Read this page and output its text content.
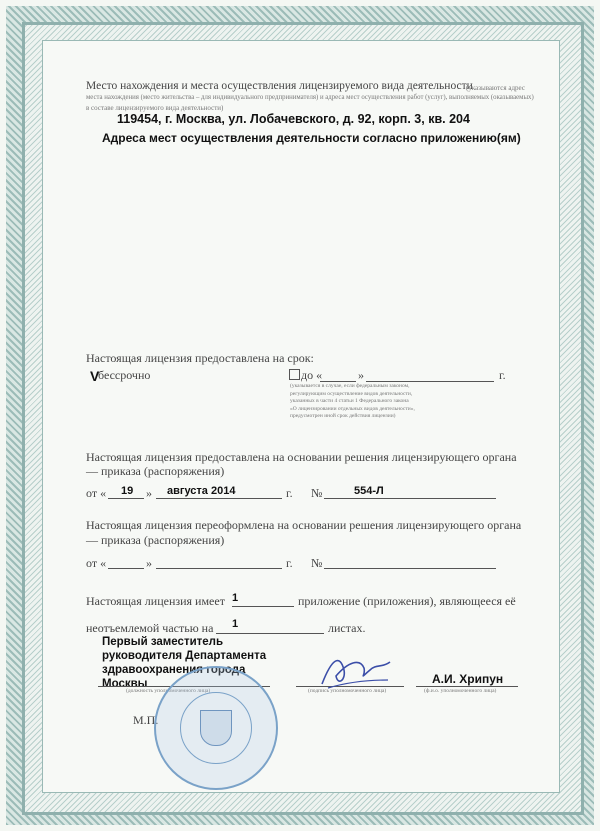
Место нахождения и места осуществления лицензируемого вида деятельности
(указываются адрес
места нахождения (место жительства – для индивидуального предпринимателя) и адреса мест осуществления работ (услуг), выполняемых (оказываемых)
в составе лицензируемого вида деятельности)
119454, г. Москва, ул. Лобачевского, д. 92, корп. 3, кв. 204
Адреса мест осуществления деятельности согласно приложению(ям)
Настоящая лицензия предоставлена на срок:
V
бессрочно	до «	»	г.
(указывается в случае, если федеральным законом,
регулирующим осуществление видов деятельности,
указанных в части 4 статьи 1 Федерального закона
«О лицензировании отдельных видов деятельности»,
предусмотрен иной срок действия лицензии)
Настоящая лицензия предоставлена на основании решения лицензирующего органа
— приказа (распоряжения)
от « 19 » августа 2014	г. №	554-Л
Настоящая лицензия переоформлена на основании решения лицензирующего органа
— приказа (распоряжения)
от «	»	г. №
Настоящая лицензия имеет 1	приложение (приложения), являющееся её
неотъемлемой частью на 1	листах.
Первый заместитель
руководителя Департамента
здравоохранения города
Москвы
(должность уполномоченного лица)	(подпись уполномоченного лица)
А.И. Хрипун
(ф.и.о. уполномоченного лица)
М.П.
